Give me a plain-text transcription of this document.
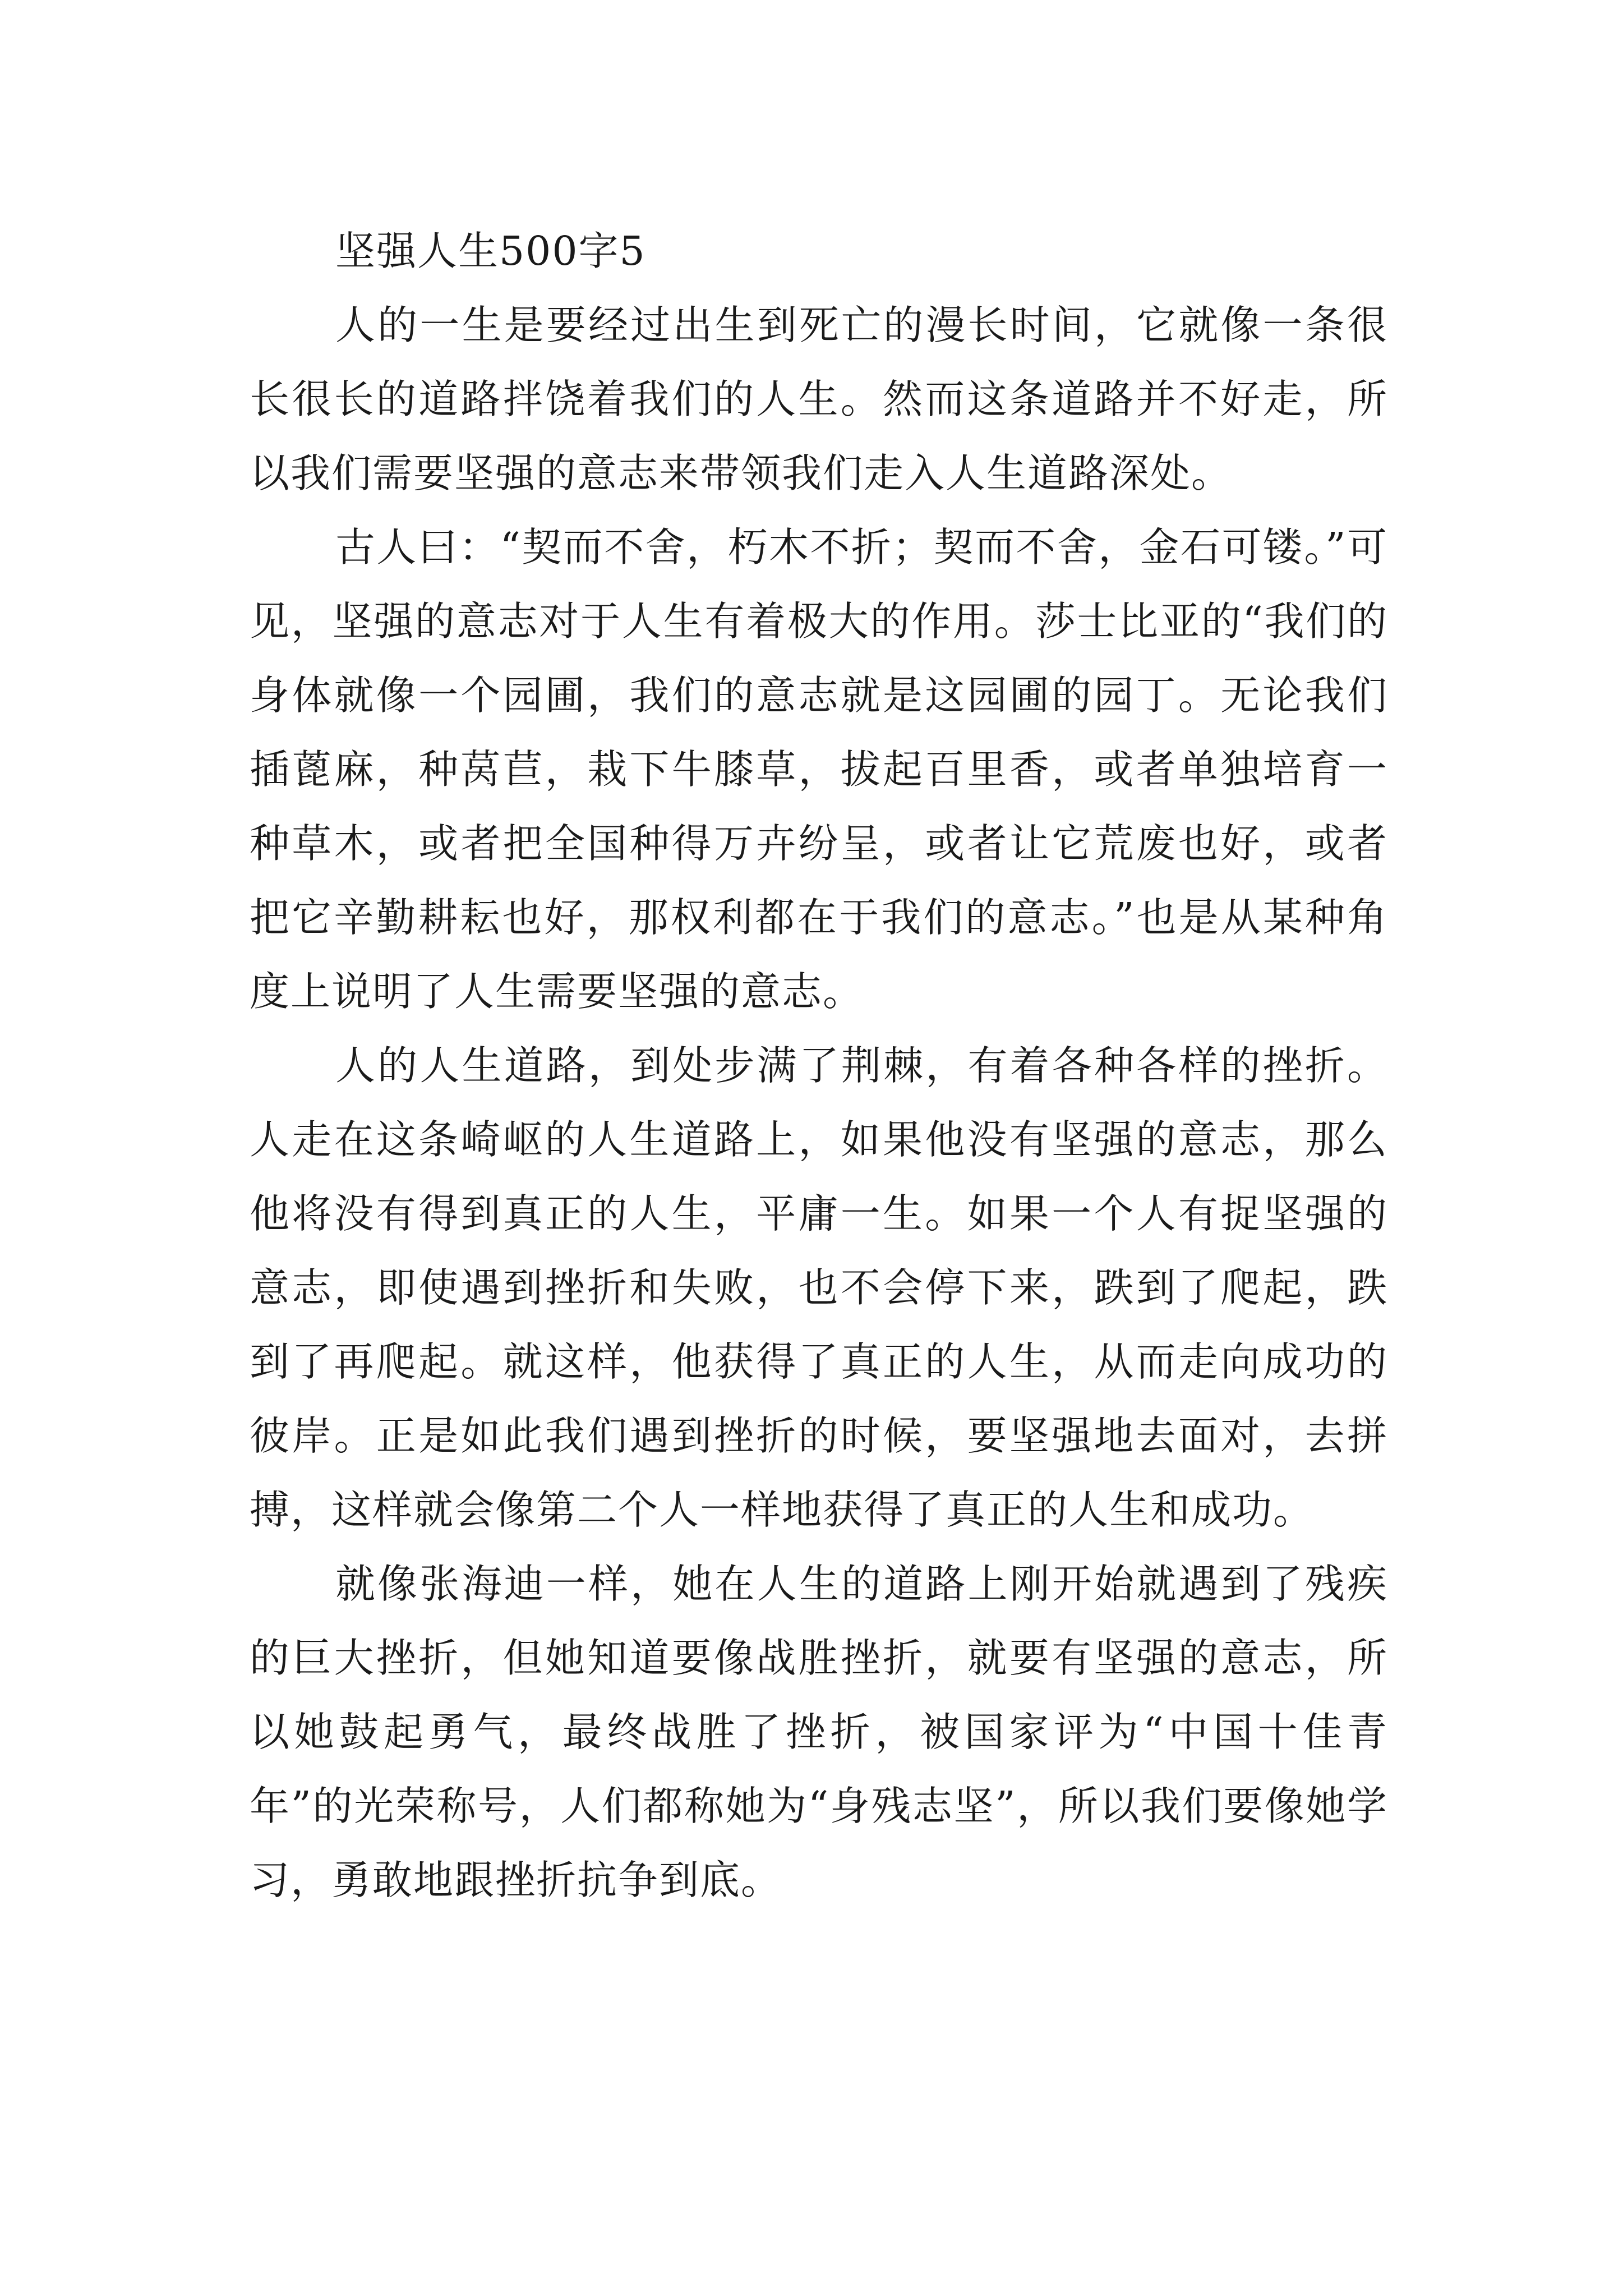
坚强人生500字5

人的一生是要经过出生到死亡的漫长时间，它就像一条很长很长的道路拌饶着我们的人生。然而这条道路并不好走，所以我们需要坚强的意志来带领我们走入人生道路深处。

古人曰：“契而不舍，朽木不折；契而不舍，金石可镂。”可见，坚强的意志对于人生有着极大的作用。莎士比亚的“我们的身体就像一个园圃，我们的意志就是这园圃的园丁。无论我们插蓖麻，种莴苣，栽下牛膝草，拔起百里香，或者单独培育一种草木，或者把全国种得万卉纷呈，或者让它荒废也好，或者把它辛勤耕耘也好，那权利都在于我们的意志。”也是从某种角度上说明了人生需要坚强的意志。

人的人生道路，到处步满了荆棘，有着各种各样的挫折。人走在这条崎岖的人生道路上，如果他没有坚强的意志，那么他将没有得到真正的人生，平庸一生。如果一个人有捉坚强的意志，即使遇到挫折和失败，也不会停下来，跌到了爬起，跌到了再爬起。就这样，他获得了真正的人生，从而走向成功的彼岸。正是如此我们遇到挫折的时候，要坚强地去面对，去拼搏，这样就会像第二个人一样地获得了真正的人生和成功。

就像张海迪一样，她在人生的道路上刚开始就遇到了残疾的巨大挫折，但她知道要像战胜挫折，就要有坚强的意志，所以她鼓起勇气，最终战胜了挫折，被国家评为“中国十佳青年”的光荣称号，人们都称她为“身残志坚”，所以我们要像她学习，勇敢地跟挫折抗争到底。
